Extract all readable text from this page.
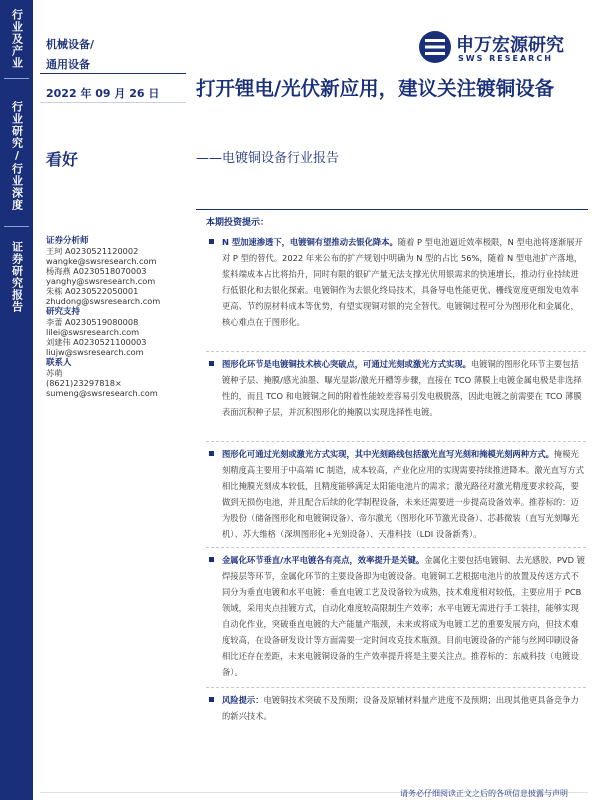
行业及产业
行业研究/行业深度
证券研究报告
申万宏源研究
SWS RESEARCH
机械设备/
通用设备
2022 年 09 月 26 日
看好
打开锂电/光伏新应用，建议关注镀铜设备
——电镀铜设备行业报告
证券分析师
王珂 A0230521120002
wangke@swsresearch.com
杨海燕 A0230518070003
yanghy@swsresearch.com
朱栋 A0230522050001
zhudong@swsresearch.com
研究支持
李蕾 A0230519080008
lilei@swsresearch.com
刘建伟 A0230521100003
liujw@swsresearch.com
联系人
苏萌
(8621)23297818×
sumeng@swsresearch.com
本期投资提示：
N 型加速渗透下，电镀铜有望推动去银化降本。随着 P 型电池逼近效率极限，N 型电池将逐渐展开对 P 型的替代。2022 年来公布的扩产规划中明确为 N 型的占比 56%，随着 N 型电池扩产落地，浆料端成本占比将抬升，同时有限的银矿产量无法支撑光伏用银需求的快速增长，推动行业持续进行低银化和去银化探索。电镀铜作为去银化终局技术，具备导电性能更优、栅线宽度更细发电效率更高、节约原材料成本等优势，有望实现铜对银的完全替代。电镀铜过程可分为图形化和金属化，核心难点在于图形化。
图形化环节是电镀铜技术核心突破点，可通过光刻或激光方式实现。电镀铜的图形化环节主要包括镀种子层、掩膜/感光油墨、曝光显影/激光开槽等步骤，直接在 TCO 薄膜上电镀金属电极是非选择性的，而且 TCO 和电镀铜之间的附着性能较差容易引发电极脱落，因此电镀之前需要在 TCO 薄膜表面沉积种子层，并沉积图形化的掩膜以实现选择性电镀。
图形化可通过光刻或激光方式实现，其中光刻路线包括激光直写光刻和掩模光刻两种方式。掩模光刻精度高主要用于中高端 IC 制造，成本较高，产业化应用的实现需要持续推进降本。激光直写方式相比掩膜光刻成本较低，且精度能够满足太阳能电池片的需求；激光路径对激光精度要求较高，要做到无损伤电池，并且配合后续的化学制程设备，未来还需要进一步提高设备效率。推荐标的：迈为股份（储备图形化和电镀铜设备）、帝尔激光（图形化环节激光设备）、芯碁微装（直写光刻曝光机）、苏大维格（深圳图形化+光刻设备）、天准科技（LDI 设备新秀）。
金属化环节垂直/水平电镀各有亮点，效率提升是关键。金属化主要包括电镀铜、去光感胶、PVD 镀焊接层等环节，金属化环节的主要设备即为电镀设备。电镀铜工艺根据电池片的放置及传送方式不同分为垂直电镀和水平电镀：垂直电镀工艺及设备较为成熟，技术难度相对较低，主要应用于 PCB 领域，采用夹点挂镀方式，自动化难度较高限制生产效率；水平电镀无需进行手工装挂，能够实现自动化作业，突破垂直电镀的大产能量产瓶颈，未来或将成为电镀工艺的重要发展方向，但技术难度较高，在设备研发设计等方面需要一定时间攻克技术瓶颈。目前电镀设备的产能与丝网印刷设备相比还存在差距，未来电镀铜设备的生产效率提升将是主要关注点。推荐标的：东威科技（电镀设备）。
风险提示：电镀铜技术突破不及预期；设备及原辅材料量产进度不及预期；出现其他更具备竞争力的新兴技术。
请务必仔细阅读正文之后的各项信息披露与声明
